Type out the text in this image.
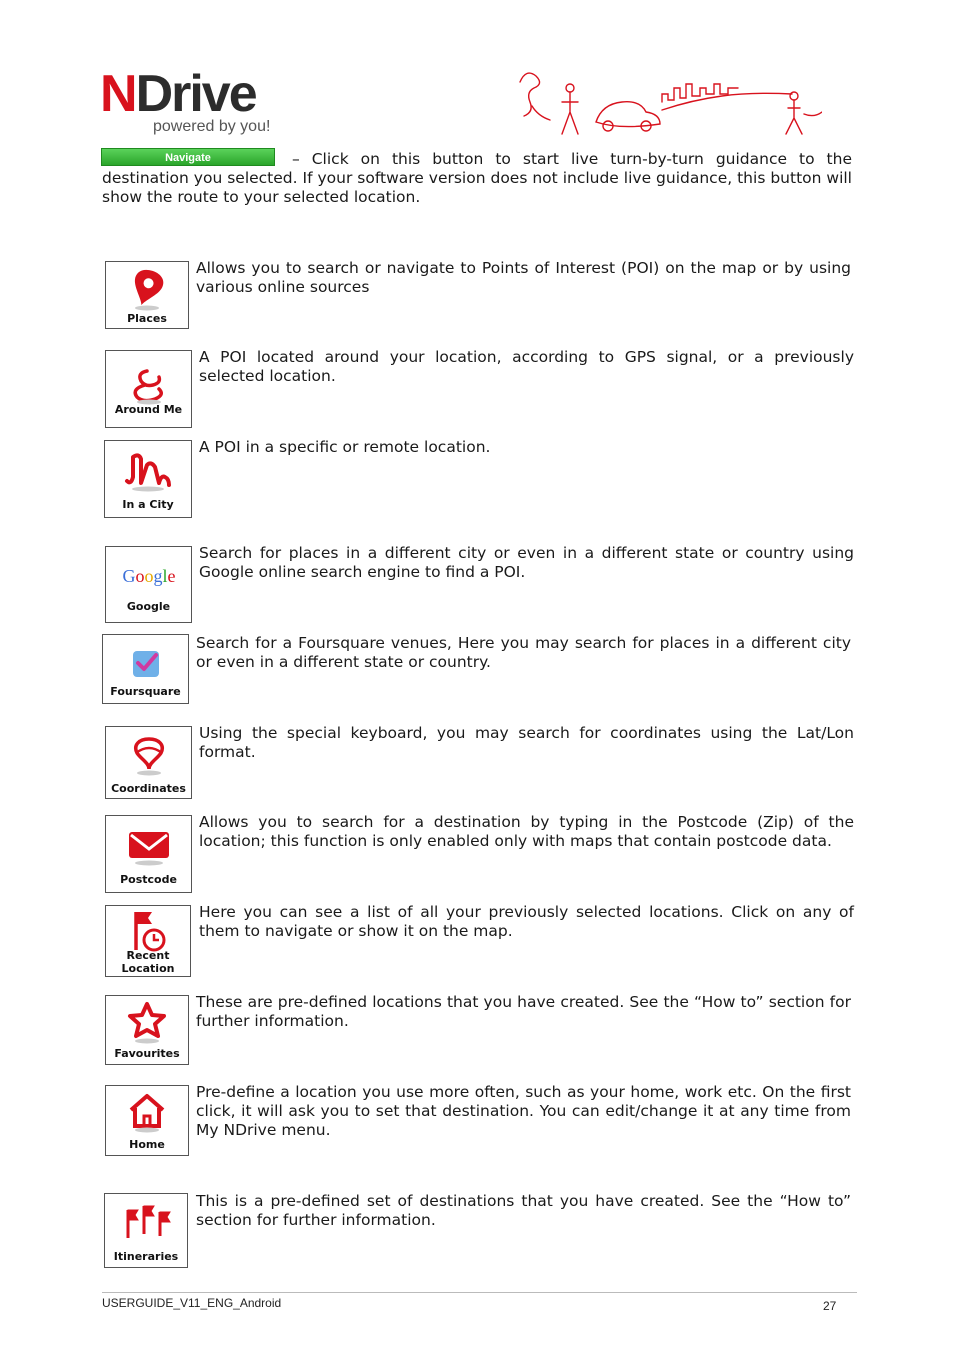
NDrive
powered by you!
– Click on this button to start live turn-by-turn guidance to the destination you selected. If your software version does not include live guidance, this button will show the route to your selected location.
Navigate
Places
Allows you to search or navigate to Points of Interest (POI) on the map or by using various online sources
Around Me
A POI located around your location, according to GPS signal, or a previously selected location.
In a City
A POI in a specific or remote location.
Google
Google
Search for places in a different city or even in a different state or country using Google online search engine to find a POI.
Foursquare
Search for a Foursquare venues, Here you may search for places in a different city or even in a different state or country.
Coordinates
Using the special keyboard, you may search for coordinates using the Lat/Lon format.
Postcode
Allows you to search for a destination by typing in the Postcode (Zip) of the location; this function is only enabled only with maps that contain postcode data.
Recent Location
Here you can see a list of all your previously selected locations. Click on any of them to navigate or show it on the map.
Favourites
These are pre-defined locations that you have created. See the “How to” section for further information.
Home
Pre-define a location you use more often, such as your home, work etc. On the first click, it will ask you to set that destination. You can edit/change it at any time from My NDrive menu.
Itineraries
This is a pre-defined set of destinations that you have created. See the “How to” section for further information.
USERGUIDE_V11_ENG_Android	27
